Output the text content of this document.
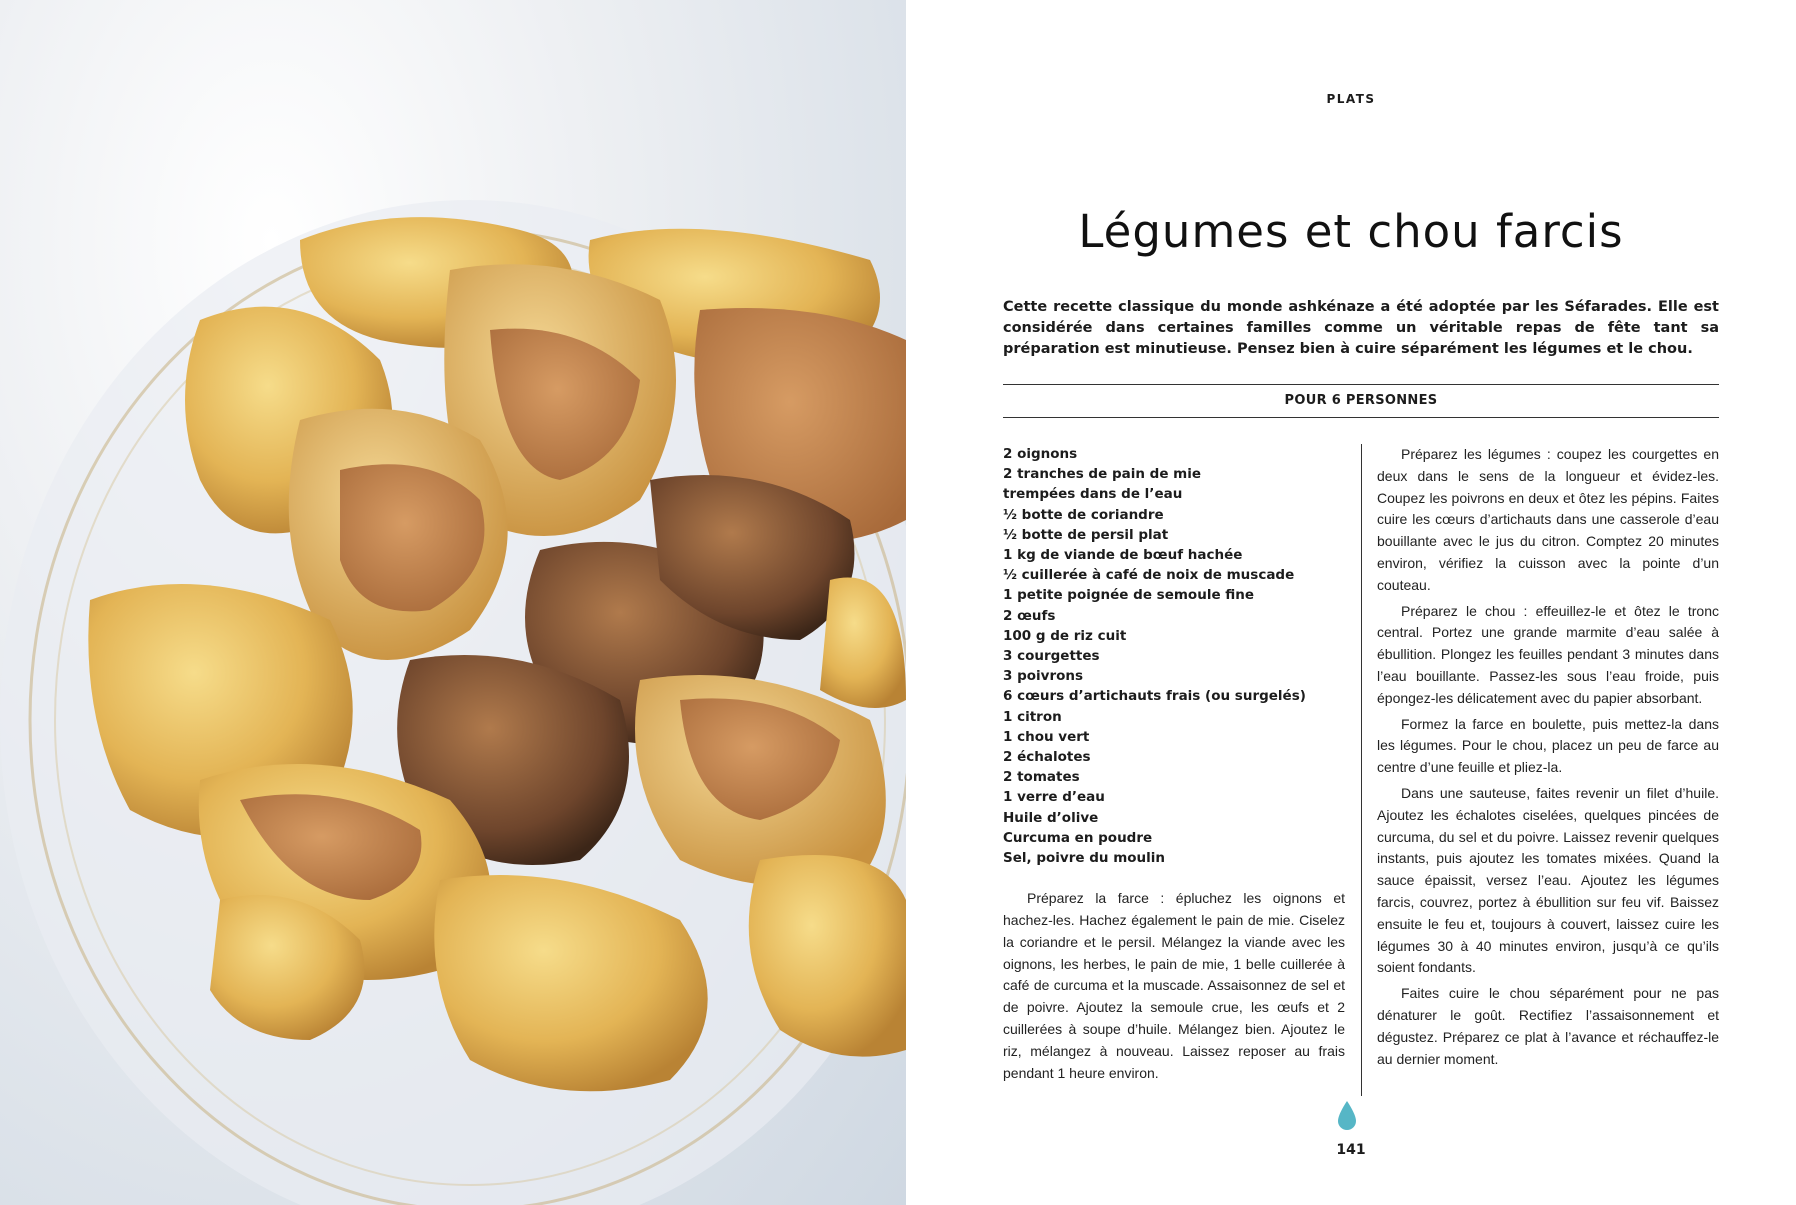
PLATS
Légumes et chou farcis

Cette recette classique du monde ashkénaze a été adoptée par les Séfarades. Elle est considérée dans certaines familles comme un véritable repas de fête tant sa préparation est minutieuse. Pensez bien à cuire séparément les légumes et le chou.

POUR 6 PERSONNES
2 oignons
2 tranches de pain de mie
trempées dans de l’eau
½ botte de coriandre
½ botte de persil plat
1 kg de viande de bœuf hachée
½ cuillerée à café de noix de muscade
1 petite poignée de semoule fine
2 œufs
100 g de riz cuit
3 courgettes
3 poivrons
6 cœurs d’artichauts frais (ou surgelés)
1 citron
1 chou vert
2 échalotes
2 tomates
1 verre d’eau
Huile d’olive
Curcuma en poudre
Sel, poivre du moulin

Préparez la farce : épluchez les oignons et hachez-les. Hachez également le pain de mie. Ciselez la coriandre et le persil. Mélangez la viande avec les oignons, les herbes, le pain de mie, 1 belle cuillerée à café de curcuma et la muscade. Assaisonnez de sel et de poivre. Ajoutez la semoule crue, les œufs et 2 cuillerées à soupe d’huile. Mélangez bien. Ajoutez le riz, mélangez à nouveau. Laissez reposer au frais pendant 1 heure environ.

Préparez les légumes : coupez les courgettes en deux dans le sens de la longueur et évidez-les. Coupez les poivrons en deux et ôtez les pépins. Faites cuire les cœurs d’artichauts dans une casserole d’eau bouillante avec le jus du citron. Comptez 20 minutes environ, vérifiez la cuisson avec la pointe d’un couteau.

Préparez le chou : effeuillez-le et ôtez le tronc central. Portez une grande marmite d’eau salée à ébullition. Plongez les feuilles pendant 3 minutes dans l’eau bouillante. Passez-les sous l’eau froide, puis épongez-les délicatement avec du papier absorbant.

Formez la farce en boulette, puis mettez-la dans les légumes. Pour le chou, placez un peu de farce au centre d’une feuille et pliez-la.

Dans une sauteuse, faites revenir un filet d’huile. Ajoutez les échalotes ciselées, quelques pincées de curcuma, du sel et du poivre. Laissez revenir quelques instants, puis ajoutez les tomates mixées. Quand la sauce épaissit, versez l’eau. Ajoutez les légumes farcis, couvrez, portez à ébullition sur feu vif. Baissez ensuite le feu et, toujours à couvert, laissez cuire les légumes 30 à 40 minutes environ, jusqu’à ce qu’ils soient fondants.

Faites cuire le chou séparément pour ne pas dénaturer le goût. Rectifiez l’assaisonnement et dégustez. Préparez ce plat à l’avance et réchauffez-le au dernier moment.

141
